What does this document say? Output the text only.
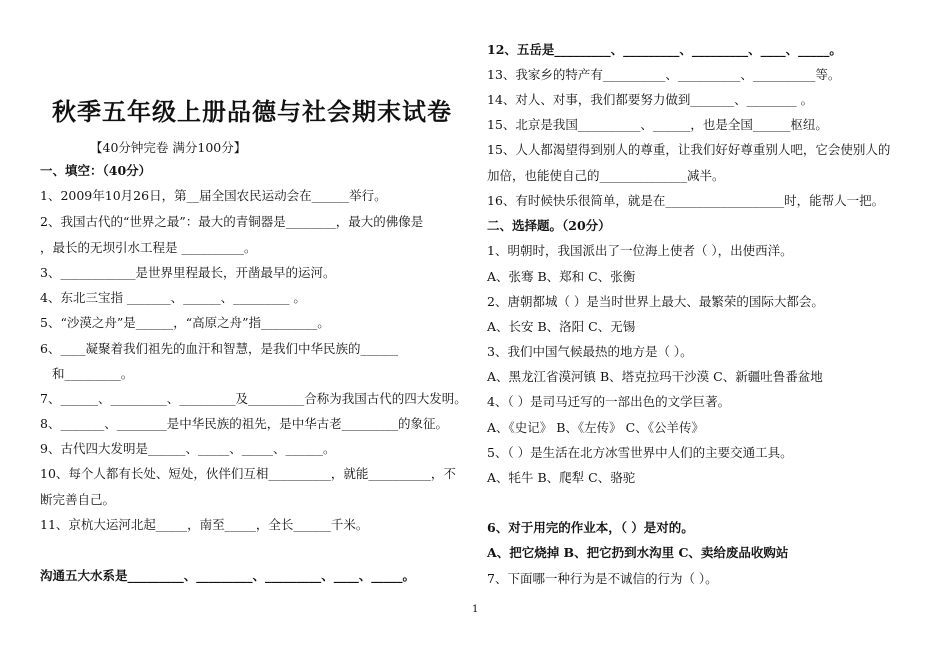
秋季五年级上册品德与社会期末试卷
【40分钟完卷 满分100分】
一、填空：（40分）
1、2009年10月26日，第__届全国农民运动会在______举行。
2、我国古代的“世界之最”：最大的青铜器是________，最大的佛像是
，最长的无坝引水工程是 __________。
3、____________是世界里程最长，开凿最早的运河。
4、东北三宝指 _______、______、_________ 。
5、“沙漠之舟”是______，“高原之舟”指_________。
6、____凝聚着我们祖先的血汗和智慧，是我们中华民族的______
和_________。
7、______、_________、_________及_________合称为我国古代的四大发明。
8、_______、________是中华民族的祖先，是中华古老_________的象征。
9、古代四大发明是______、_____、_____、______。
10、每个人都有长处、短处，伙伴们互相__________，就能__________，不
断完善自己。
11、京杭大运河北起_____，南至_____，全长______千米。
沟通五大水系是_________、_________、_________、____、_____。
12、五岳是_________、_________、_________、____、_____。
13、我家乡的特产有__________、__________、__________等。
14、对人、对事，我们都要努力做到_______、________ 。
15、北京是我国__________、______，也是全国______枢纽。
15、人人都渴望得到别人的尊重，让我们好好尊重别人吧，它会使别人的
加倍，也能使自己的______________减半。
16、有时候快乐很简单，就是在___________________时，能帮人一把。
二、选择题。（20分）
1、明朝时，我国派出了一位海上使者（ ），出使西洋。
A、张骞 B、郑和 C、张衡
2、唐朝都城（ ）是当时世界上最大、最繁荣的国际大都会。
A、长安 B、洛阳 C、无锡
3、我们中国气候最热的地方是（ ）。
A、黑龙江省漠河镇 B、塔克拉玛干沙漠 C、新疆吐鲁番盆地
4、（ ）是司马迁写的一部出色的文学巨著。
A、《史记》 B、《左传》 C、《公羊传》
5、（ ）是生活在北方冰雪世界中人们的主要交通工具。
A、牦牛 B、爬犁 C、骆驼
6、对于用完的作业本，（ ）是对的。
A、把它烧掉 B、把它扔到水沟里 C、卖给废品收购站
7、下面哪一种行为是不诚信的行为（ ）。
1
